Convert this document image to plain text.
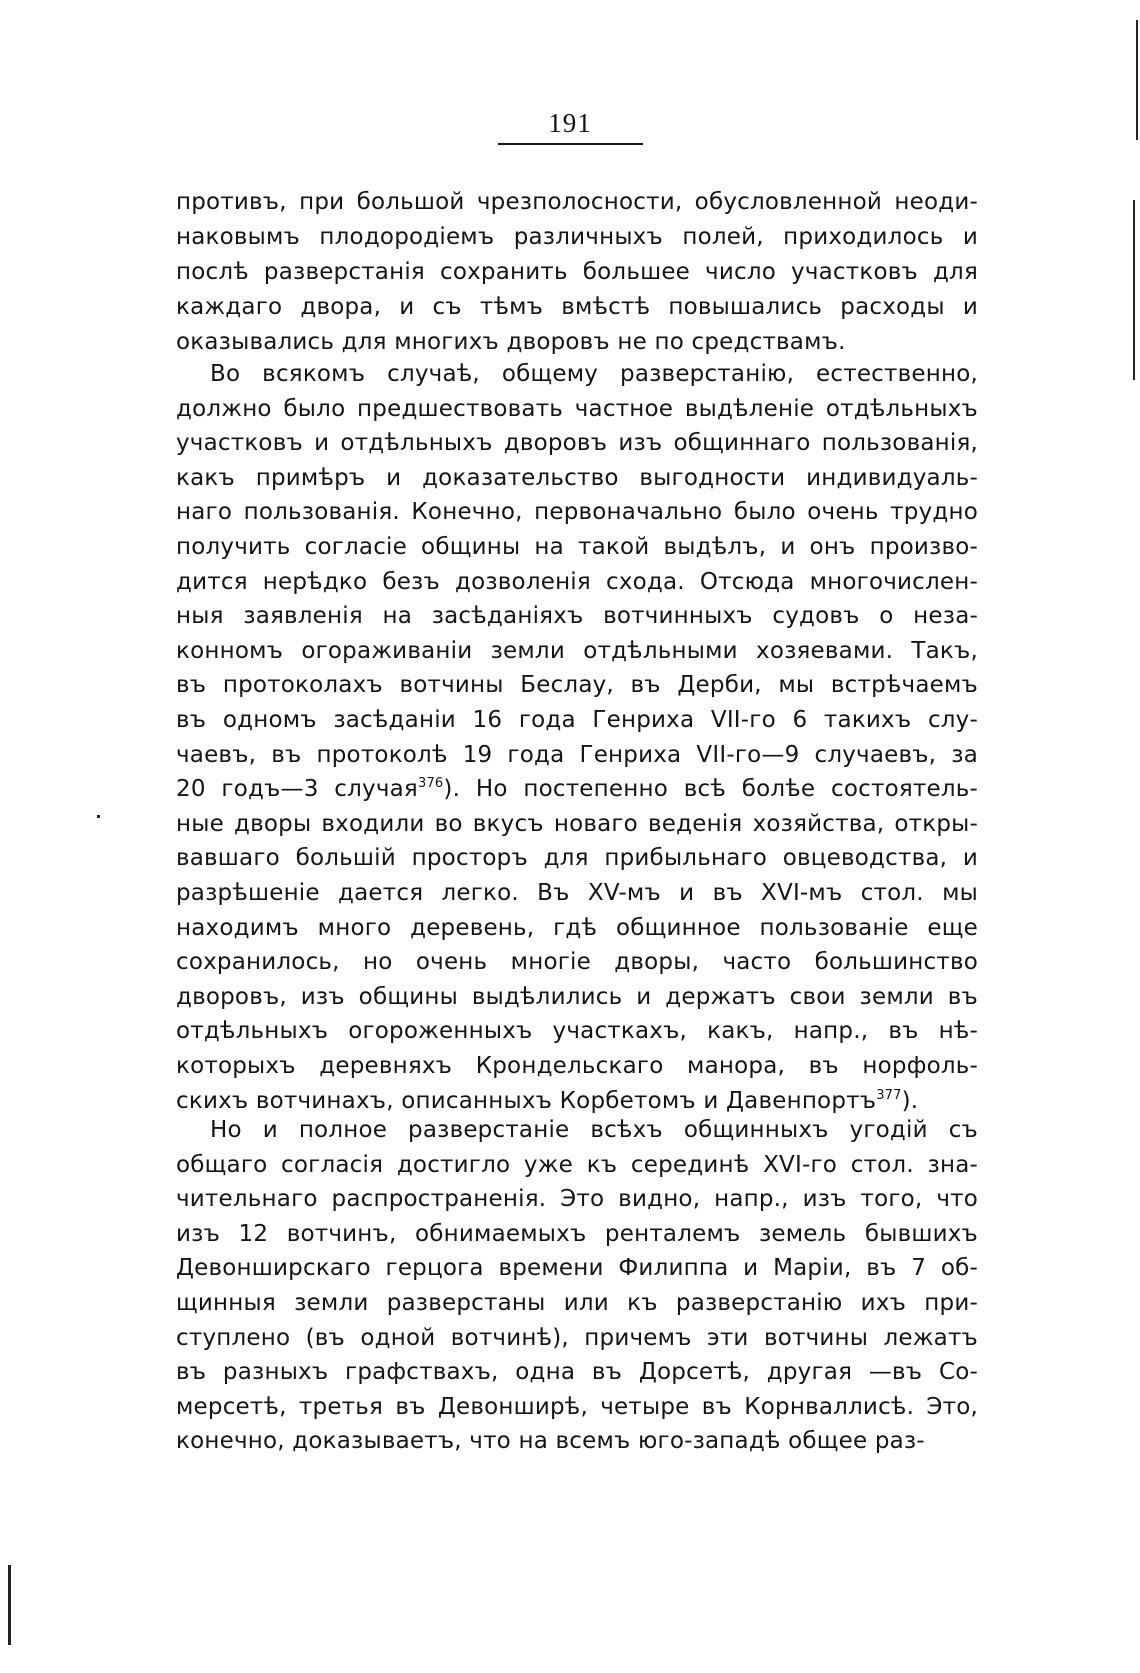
191
противъ, при большой чрезполосности, обусловленной неоди-
наковымъ плодородіемъ различныхъ полей, приходилось и
послѣ разверстанія сохранить большее число участковъ для
каждаго двора, и съ тѣмъ вмѣстѣ повышались расходы и
оказывались для многихъ дворовъ не по средствамъ.
Во всякомъ случаѣ, общему разверстанію, естественно,
должно было предшествовать частное выдѣленіе отдѣльныхъ
участковъ и отдѣльныхъ дворовъ изъ общиннаго пользованія,
какъ примѣръ и доказательство выгодности индивидуаль-
наго пользованія. Конечно, первоначально было очень трудно
получить согласіе общины на такой выдѣлъ, и онъ произво-
дится нерѣдко безъ дозволенія схода. Отсюда многочислен-
ныя заявленія на засѣданіяхъ вотчинныхъ судовъ о неза-
конномъ огораживаніи земли отдѣльными хозяевами. Такъ,
въ протоколахъ вотчины Беслау, въ Дерби, мы встрѣчаемъ
въ одномъ засѣданіи 16 года Генриха VII-го 6 такихъ слу-
чаевъ, въ протоколѣ 19 года Генриха VII-го—9 случаевъ, за
20 годъ—3 случая$^{376}$). Но постепенно всѣ болѣе состоятель-
ные дворы входили во вкусъ новаго веденія хозяйства, откры-
вавшаго большій просторъ для прибыльнаго овцеводства, и
разрѣшеніе дается легко. Въ XV-мъ и въ XVI-мъ стол. мы
находимъ много деревень, гдѣ общинное пользованіе еще
сохранилось, но очень многіе дворы, часто большинство
дворовъ, изъ общины выдѣлились и держатъ свои земли въ
отдѣльныхъ огороженныхъ участкахъ, какъ, напр., въ нѣ-
которыхъ деревняхъ Крондельскаго манора, въ норфоль-
скихъ вотчинахъ, описанныхъ Корбетомъ и Давенпортъ$^{377}$).
Но и полное разверстаніе всѣхъ общинныхъ угодій съ
общаго согласія достигло уже къ серединѣ XVI-го стол. зна-
чительнаго распространенія. Это видно, напр., изъ того, что
изъ 12 вотчинъ, обнимаемыхъ ренталемъ земель бывшихъ
Девонширскаго герцога времени Филиппа и Маріи, въ 7 об-
щинныя земли разверстаны или къ разверстанію ихъ при-
ступлено (въ одной вотчинѣ), причемъ эти вотчины лежатъ
въ разныхъ графствахъ, одна въ Дорсетѣ, другая —въ Со-
мерсетѣ, третья въ Девонширѣ, четыре въ Корнваллисѣ. Это,
конечно, доказываетъ, что на всемъ юго-западѣ общее раз-
